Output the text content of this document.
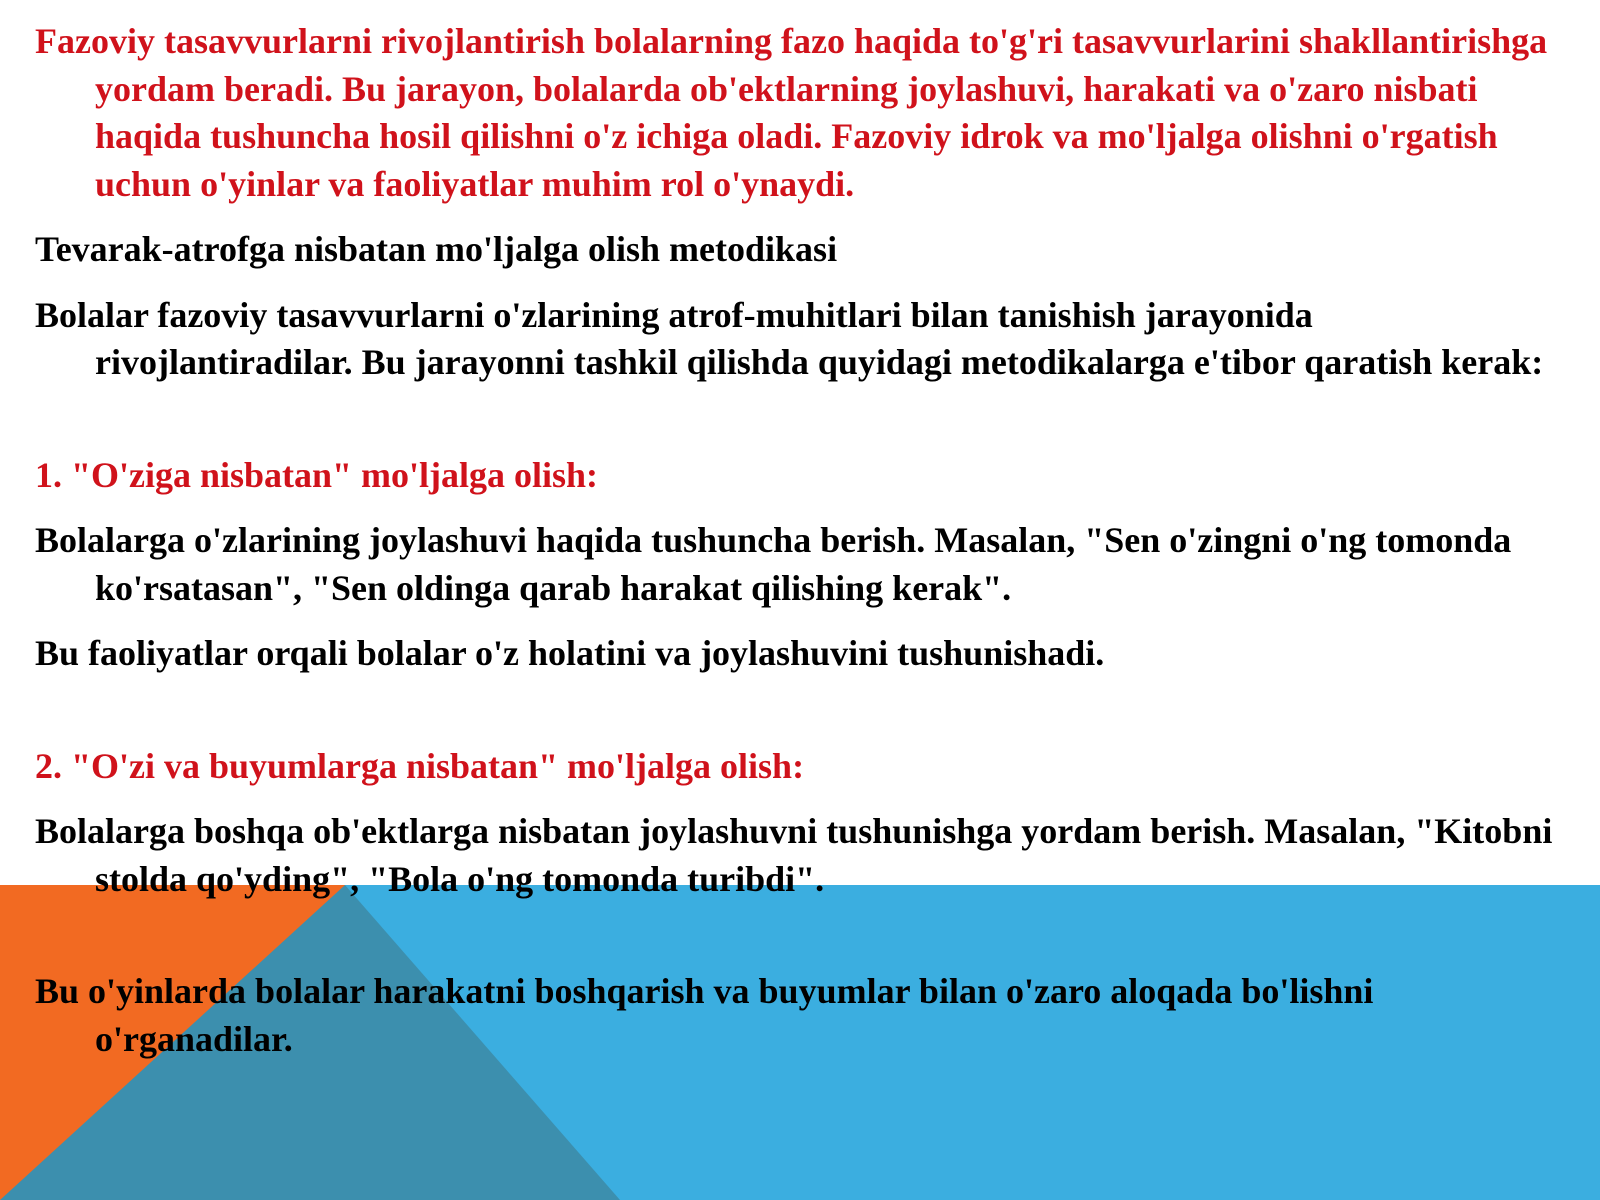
Fazoviy tasavvurlarni rivojlantirish bolalarning fazo haqida to'g'ri tasavvurlarini shakllantirishga yordam beradi. Bu jarayon, bolalarda ob'ektlarning joylashuvi, harakati va o'zaro nisbati haqida tushuncha hosil qilishni o'z ichiga oladi. Fazoviy idrok va mo'ljalga olishni o'rgatish uchun o'yinlar va faoliyatlar muhim rol o'ynaydi.

Tevarak-atrofga nisbatan mo'ljalga olish metodikasi

Bolalar fazoviy tasavvurlarni o'zlarining atrof-muhitlari bilan tanishish jarayonida rivojlantiradilar. Bu jarayonni tashkil qilishda quyidagi metodikalarga e'tibor qaratish kerak:

1. "O'ziga nisbatan" mo'ljalga olish:

Bolalarga o'zlarining joylashuvi haqida tushuncha berish. Masalan, "Sen o'zingni o'ng tomonda ko'rsatasan", "Sen oldinga qarab harakat qilishing kerak".

Bu faoliyatlar orqali bolalar o'z holatini va joylashuvini tushunishadi.

2. "O'zi va buyumlarga nisbatan" mo'ljalga olish:

Bolalarga boshqa ob'ektlarga nisbatan joylashuvni tushunishga yordam berish. Masalan, "Kitobni stolda qo'yding", "Bola o'ng tomonda turibdi".

Bu o'yinlarda bolalar harakatni boshqarish va buyumlar bilan o'zaro aloqada bo'lishni o'rganadilar.
